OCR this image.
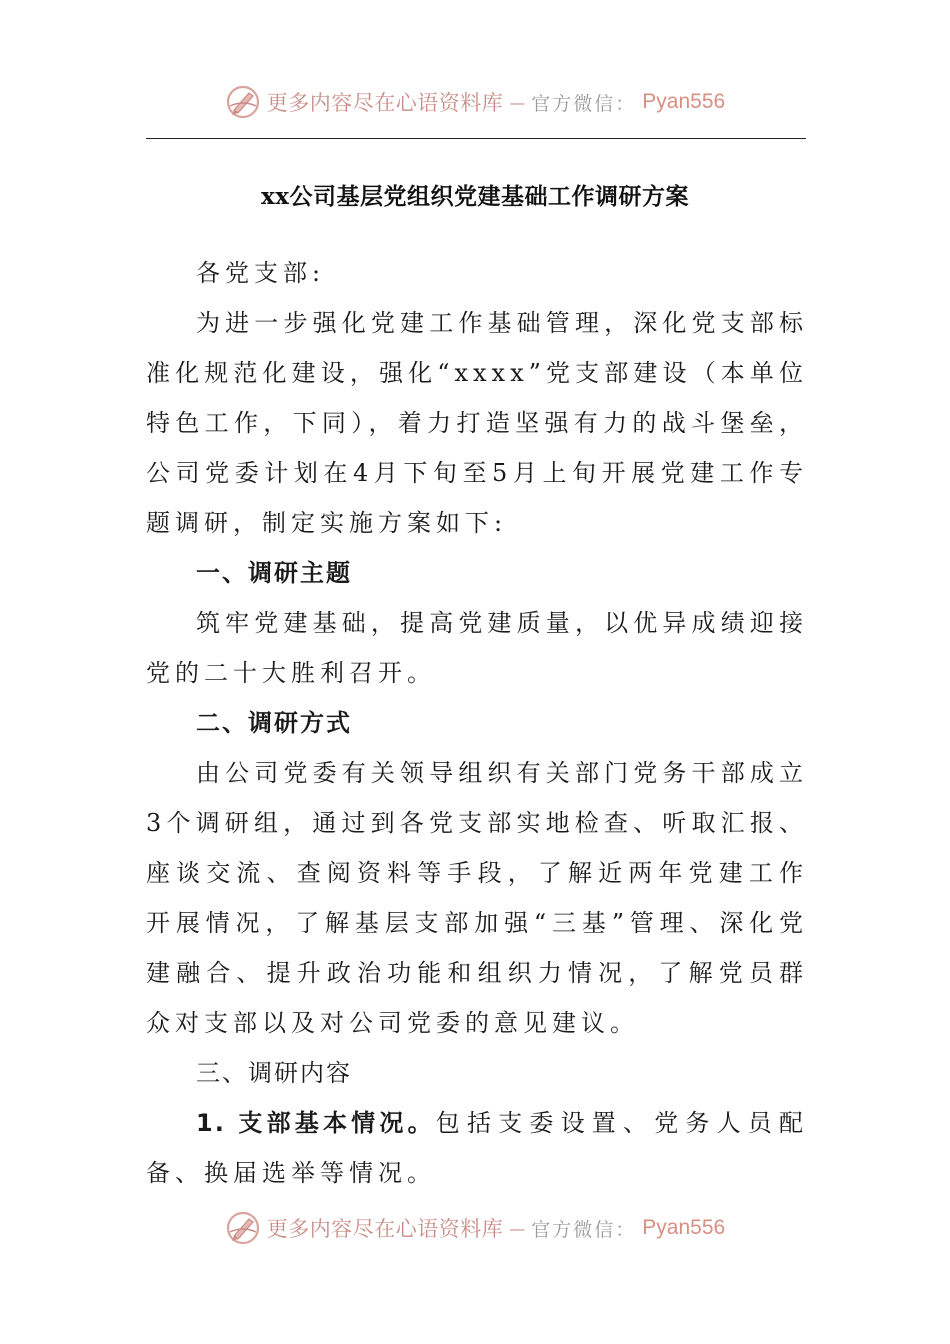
更多内容尽在心语资料库 — 官方微信： Pyan556
xx公司基层党组织党建基础工作调研方案

各党支部:

为进一步强化党建工作基础管理，深化党支部标准化规范化建设，强化“xxxx”党支部建设（本单位特色工作，下同），着力打造坚强有力的战斗堡垒，公司党委计划在4月下旬至5月上旬开展党建工作专题调研，制定实施方案如下:

一、调研主题

筑牢党建基础，提高党建质量，以优异成绩迎接党的二十大胜利召开。

二、调研方式

由公司党委有关领导组织有关部门党务干部成立3个调研组，通过到各党支部实地检查、听取汇报、座谈交流、查阅资料等手段，了解近两年党建工作开展情况，了解基层支部加强“三基”管理、深化党建融合、提升政治功能和组织力情况，了解党员群众对支部以及对公司党委的意见建议。

三、调研内容

1. 支部基本情况。包括支委设置、党务人员配备、换届选举等情况。

更多内容尽在心语资料库 — 官方微信： Pyan556
